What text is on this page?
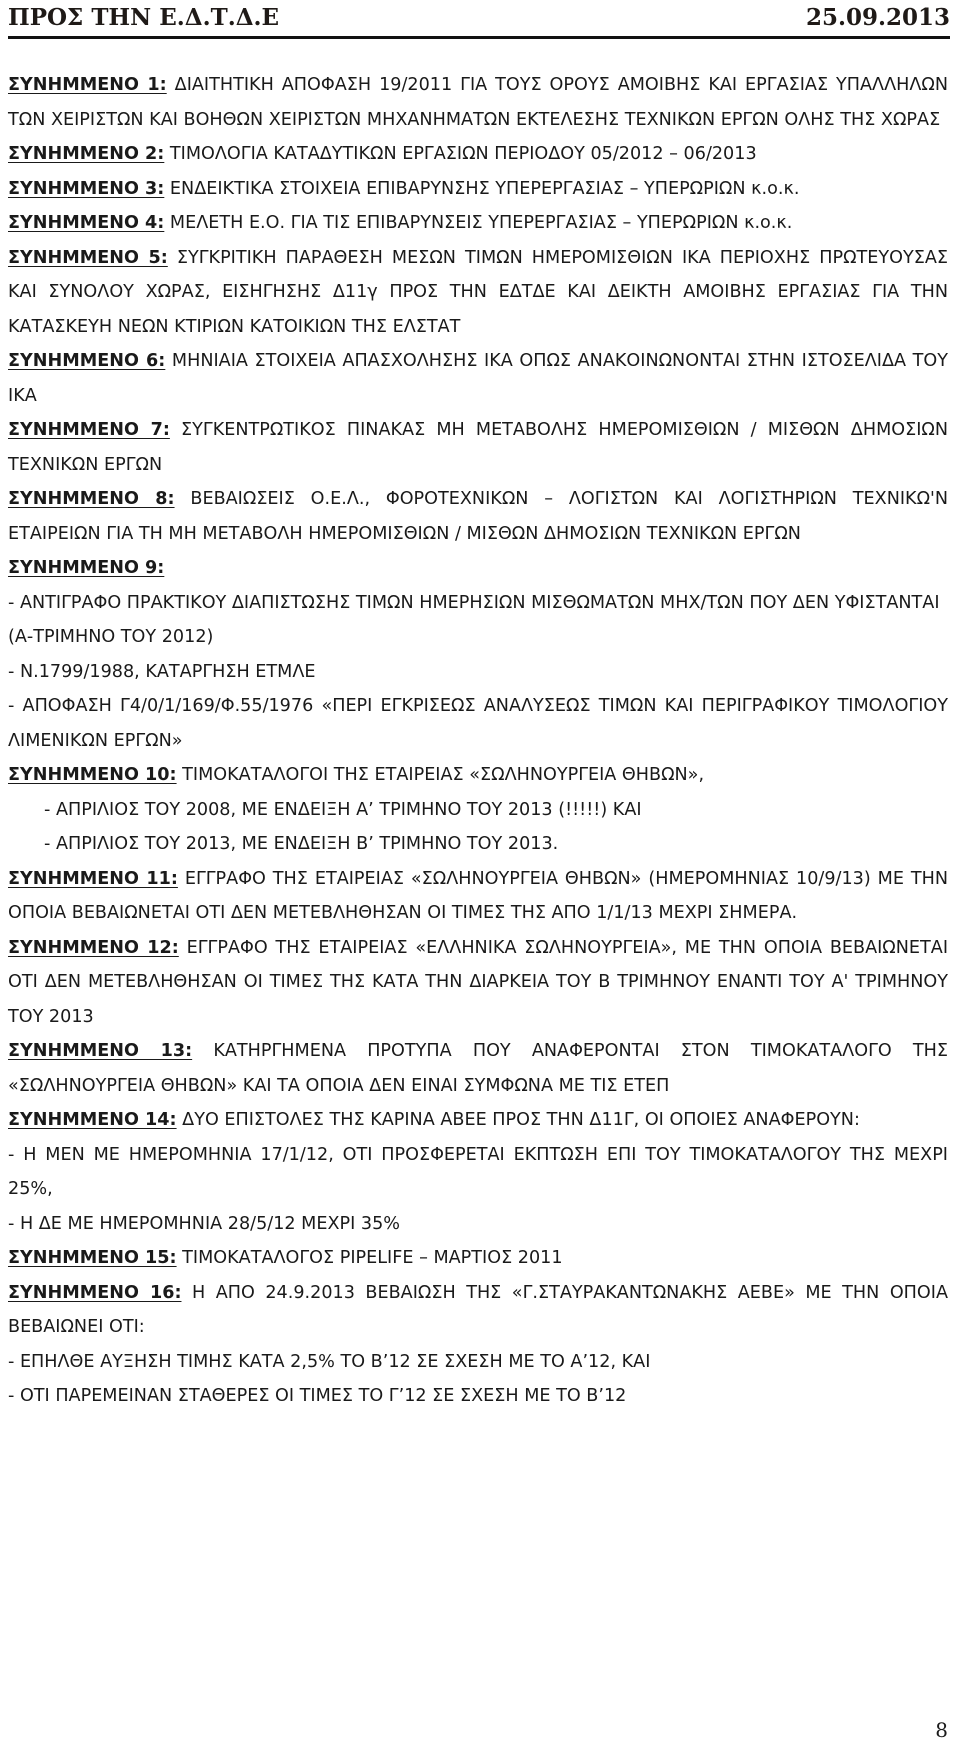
ΠΡΟΣ ΤΗΝ Ε.Δ.Τ.Δ.Ε	25.09.2013

ΣΥΝΗΜΜΕΝΟ 1: ΔΙΑΙΤΗΤΙΚΗ ΑΠΟΦΑΣΗ 19/2011 ΓΙΑ ΤΟΥΣ ΟΡΟΥΣ ΑΜΟΙΒΗΣ ΚΑΙ ΕΡΓΑΣΙΑΣ ΥΠΑΛΛΗΛΩΝ ΤΩΝ ΧΕΙΡΙΣΤΩΝ ΚΑΙ ΒΟΗΘΩΝ ΧΕΙΡΙΣΤΩΝ ΜΗΧΑΝΗΜΑΤΩΝ ΕΚΤΕΛΕΣΗΣ ΤΕΧΝΙΚΩΝ ΕΡΓΩΝ ΟΛΗΣ ΤΗΣ ΧΩΡΑΣ

ΣΥΝΗΜΜΕΝΟ 2: ΤΙΜΟΛΟΓΙΑ ΚΑΤΑΔΥΤΙΚΩΝ ΕΡΓΑΣΙΩΝ ΠΕΡΙΟΔΟΥ 05/2012 – 06/2013

ΣΥΝΗΜΜΕΝΟ 3: ΕΝΔΕΙΚΤΙΚΑ ΣΤΟΙΧΕΙΑ ΕΠΙΒΑΡΥΝΣΗΣ ΥΠΕΡΕΡΓΑΣΙΑΣ – ΥΠΕΡΩΡΙΩΝ κ.ο.κ.

ΣΥΝΗΜΜΕΝΟ 4: ΜΕΛΕΤΗ Ε.Ο. ΓΙΑ ΤΙΣ ΕΠΙΒΑΡΥΝΣΕΙΣ ΥΠΕΡΕΡΓΑΣΙΑΣ – ΥΠΕΡΩΡΙΩΝ κ.ο.κ.

ΣΥΝΗΜΜΕΝΟ 5: ΣΥΓΚΡΙΤΙΚΗ ΠΑΡΑΘΕΣΗ ΜΕΣΩΝ ΤΙΜΩΝ ΗΜΕΡΟΜΙΣΘΙΩΝ ΙΚΑ ΠΕΡΙΟΧΗΣ ΠΡΩΤΕΥΟΥΣΑΣ ΚΑΙ ΣΥΝΟΛΟΥ ΧΩΡΑΣ, ΕΙΣΗΓΗΣΗΣ Δ11γ ΠΡΟΣ ΤΗΝ ΕΔΤΔΕ ΚΑΙ ΔΕΙΚΤΗ ΑΜΟΙΒΗΣ ΕΡΓΑΣΙΑΣ ΓΙΑ ΤΗΝ ΚΑΤΑΣΚΕΥΗ ΝΕΩΝ ΚΤΙΡΙΩΝ ΚΑΤΟΙΚΙΩΝ ΤΗΣ ΕΛΣΤΑΤ

ΣΥΝΗΜΜΕΝΟ 6: ΜΗΝΙΑΙΑ ΣΤΟΙΧΕΙΑ ΑΠΑΣΧΟΛΗΣΗΣ ΙΚΑ ΟΠΩΣ ΑΝΑΚΟΙΝΩΝΟΝΤΑΙ ΣΤΗΝ ΙΣΤΟΣΕΛΙΔΑ ΤΟΥ ΙΚΑ

ΣΥΝΗΜΜΕΝΟ 7: ΣΥΓΚΕΝΤΡΩΤΙΚΟΣ ΠΙΝΑΚΑΣ ΜΗ ΜΕΤΑΒΟΛΗΣ ΗΜΕΡΟΜΙΣΘΙΩΝ / ΜΙΣΘΩΝ ΔΗΜΟΣΙΩΝ ΤΕΧΝΙΚΩΝ ΕΡΓΩΝ

ΣΥΝΗΜΜΕΝΟ 8: ΒΕΒΑΙΩΣΕΙΣ Ο.Ε.Λ., ΦΟΡΟΤΕΧΝΙΚΩΝ – ΛΟΓΙΣΤΩΝ ΚΑΙ ΛΟΓΙΣΤΗΡΙΩΝ ΤΕΧΝΙΚΩ'Ν ΕΤΑΙΡΕΙΩΝ ΓΙΑ ΤΗ ΜΗ ΜΕΤΑΒΟΛΗ ΗΜΕΡΟΜΙΣΘΙΩΝ / ΜΙΣΘΩΝ ΔΗΜΟΣΙΩΝ ΤΕΧΝΙΚΩΝ ΕΡΓΩΝ

ΣΥΝΗΜΜΕΝΟ 9:

- ΑΝΤΙΓΡΑΦΟ ΠΡΑΚΤΙΚΟΥ ΔΙΑΠΙΣΤΩΣΗΣ ΤΙΜΩΝ ΗΜΕΡΗΣΙΩΝ ΜΙΣΘΩΜΑΤΩΝ ΜΗΧ/ΤΩΝ ΠΟΥ ΔΕΝ ΥΦΙΣΤΑΝΤΑΙ

(Α-ΤΡΙΜΗΝΟ ΤΟΥ 2012)

- Ν.1799/1988, ΚΑΤΑΡΓΗΣΗ ΕΤΜΛΕ

- ΑΠΟΦΑΣΗ Γ4/0/1/169/Φ.55/1976 «ΠΕΡΙ ΕΓΚΡΙΣΕΩΣ ΑΝΑΛΥΣΕΩΣ ΤΙΜΩΝ ΚΑΙ ΠΕΡΙΓΡΑΦΙΚΟΥ ΤΙΜΟΛΟΓΙΟΥ ΛΙΜΕΝΙΚΩΝ ΕΡΓΩΝ»

ΣΥΝΗΜΜΕΝΟ 10: ΤΙΜΟΚΑΤΑΛΟΓΟΙ ΤΗΣ ΕΤΑΙΡΕΙΑΣ «ΣΩΛΗΝΟΥΡΓΕΙΑ ΘΗΒΩΝ»,

- ΑΠΡΙΛΙΟΣ ΤΟΥ 2008, ΜΕ ΕΝΔΕΙΞΗ Α’ ΤΡΙΜΗΝΟ ΤΟΥ 2013 (!!!!!) ΚΑΙ

- ΑΠΡΙΛΙΟΣ ΤΟΥ 2013, ΜΕ ΕΝΔΕΙΞΗ Β’ ΤΡΙΜΗΝΟ ΤΟΥ 2013.

ΣΥΝΗΜΜΕΝΟ 11: ΕΓΓΡΑΦΟ ΤΗΣ ΕΤΑΙΡΕΙΑΣ «ΣΩΛΗΝΟΥΡΓΕΙΑ ΘΗΒΩΝ» (ΗΜΕΡΟΜΗΝΙΑΣ 10/9/13) ΜΕ ΤΗΝ ΟΠΟΙΑ ΒΕΒΑΙΩΝΕΤΑΙ ΟΤΙ ΔΕΝ ΜΕΤΕΒΛΗΘΗΣΑΝ ΟΙ ΤΙΜΕΣ ΤΗΣ ΑΠΟ 1/1/13 ΜΕΧΡΙ ΣΗΜΕΡΑ.

ΣΥΝΗΜΜΕΝΟ 12: ΕΓΓΡΑΦΟ ΤΗΣ ΕΤΑΙΡΕΙΑΣ «ΕΛΛΗΝΙΚΑ ΣΩΛΗΝΟΥΡΓΕΙΑ», ΜΕ ΤΗΝ ΟΠΟΙΑ ΒΕΒΑΙΩΝΕΤΑΙ ΟΤΙ ΔΕΝ ΜΕΤΕΒΛΗΘΗΣΑΝ ΟΙ ΤΙΜΕΣ ΤΗΣ ΚΑΤΑ ΤΗΝ ΔΙΑΡΚΕΙΑ ΤΟΥ Β ΤΡΙΜΗΝΟΥ ΕΝΑΝΤΙ ΤΟΥ Α' ΤΡΙΜΗΝΟΥ ΤΟΥ 2013

ΣΥΝΗΜΜΕΝΟ 13: ΚΑΤΗΡΓΗΜΕΝΑ ΠΡΟΤΥΠΑ ΠΟΥ ΑΝΑΦΕΡΟΝΤΑΙ ΣΤΟΝ ΤΙΜΟΚΑΤΑΛΟΓΟ ΤΗΣ «ΣΩΛΗΝΟΥΡΓΕΙΑ ΘΗΒΩΝ» ΚΑΙ ΤΑ ΟΠΟΙΑ ΔΕΝ ΕΙΝΑΙ ΣΥΜΦΩΝΑ ΜΕ ΤΙΣ ΕΤΕΠ

ΣΥΝΗΜΜΕΝΟ 14: ΔΥΟ ΕΠΙΣΤΟΛΕΣ ΤΗΣ ΚΑΡΙΝΑ ΑΒΕΕ ΠΡΟΣ ΤΗΝ Δ11Γ, ΟΙ ΟΠΟΙΕΣ ΑΝΑΦΕΡΟΥΝ:

- Η ΜΕΝ ΜΕ ΗΜΕΡΟΜΗΝΙΑ 17/1/12, ΟΤΙ ΠΡΟΣΦΕΡΕΤΑΙ ΕΚΠΤΩΣΗ ΕΠΙ ΤΟΥ ΤΙΜΟΚΑΤΑΛΟΓΟΥ ΤΗΣ ΜΕΧΡΙ 25%,

- Η ΔΕ ΜΕ ΗΜΕΡΟΜΗΝΙΑ 28/5/12 ΜΕΧΡΙ 35%

ΣΥΝΗΜΜΕΝΟ 15: ΤΙΜΟΚΑΤΑΛΟΓΟΣ PIPELIFE – ΜΑΡΤΙΟΣ 2011

ΣΥΝΗΜΜΕΝΟ 16: Η ΑΠΟ 24.9.2013 ΒΕΒΑΙΩΣΗ ΤΗΣ «Γ.ΣΤΑΥΡΑΚΑΝΤΩΝΑΚΗΣ ΑΕΒΕ» ΜΕ ΤΗΝ ΟΠΟΙΑ ΒΕΒΑΙΩΝΕΙ ΟΤΙ:

- ΕΠΗΛΘΕ ΑΥΞΗΣΗ ΤΙΜΗΣ ΚΑΤΑ 2,5% ΤΟ Β’12 ΣΕ ΣΧΕΣΗ ΜΕ ΤΟ Α’12, ΚΑΙ

- ΟΤΙ ΠΑΡΕΜΕΙΝΑΝ ΣΤΑΘΕΡΕΣ ΟΙ ΤΙΜΕΣ ΤΟ Γ’12 ΣΕ ΣΧΕΣΗ ΜΕ ΤΟ Β’12

8
